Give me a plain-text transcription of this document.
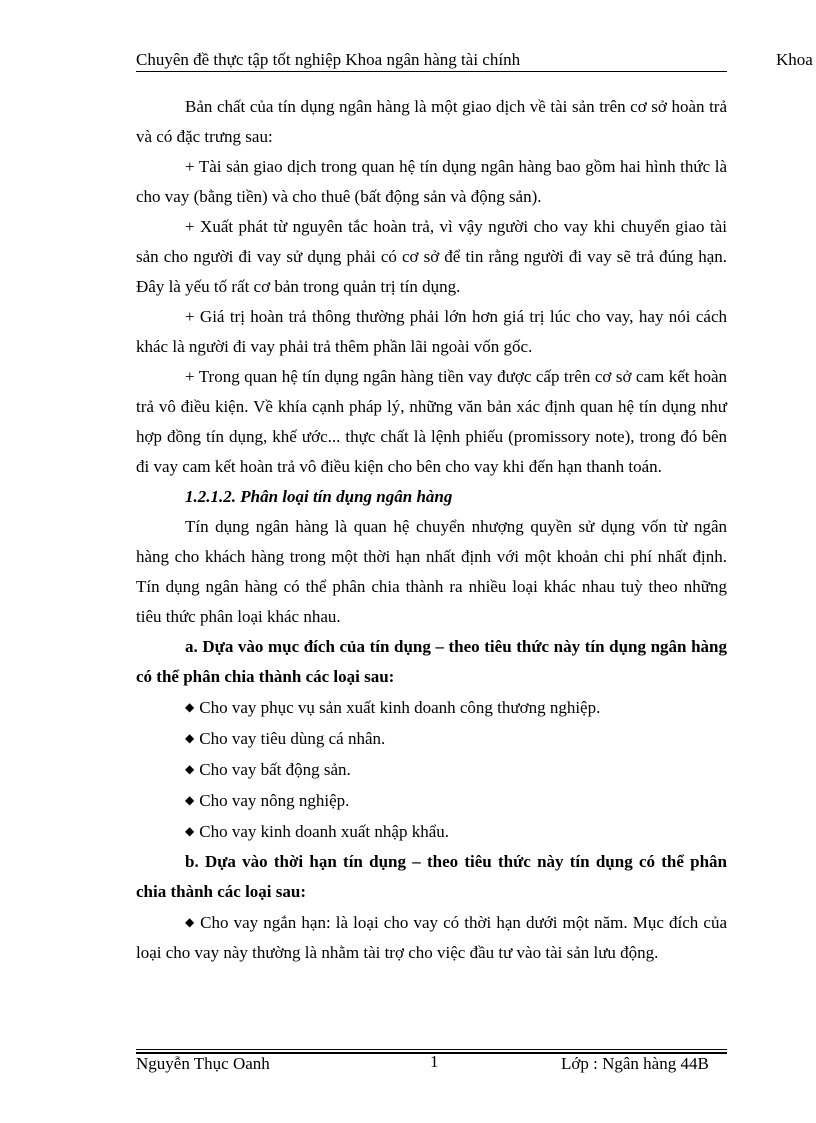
Chuyên đề thực tập tốt nghiệp Khoa ngân hàng tài chính	Khoa

Bản chất của tín dụng ngân hàng là một giao dịch về tài sản trên cơ sở hoàn trả và có đặc trưng sau:

+ Tài sản giao dịch trong quan hệ tín dụng ngân hàng bao gồm hai hình thức là cho vay (bằng tiền) và cho thuê (bất động sản và động sản).

+ Xuất phát từ nguyên tắc hoàn trả, vì vậy người cho vay khi chuyển giao tài sản cho người đi vay sử dụng phải có cơ sở để tin rằng người đi vay sẽ trả đúng hạn. Đây là yếu tố rất cơ bản trong quản trị tín dụng.

+ Giá trị hoàn trả thông thường phải lớn hơn giá trị lúc cho vay, hay nói cách khác là người đi vay phải trả thêm phần lãi ngoài vốn gốc.

+ Trong quan hệ tín dụng ngân hàng tiền vay được cấp trên cơ sở cam kết hoàn trả vô điều kiện. Về khía cạnh pháp lý, những văn bản xác định quan hệ tín dụng như hợp đồng tín dụng, khế ước... thực chất là lệnh phiếu (promissory note), trong đó bên đi vay cam kết hoàn trả vô điều kiện cho bên cho vay khi đến hạn thanh toán.

1.2.1.2. Phân loại tín dụng ngân hàng

Tín dụng ngân hàng là quan hệ chuyển nhượng quyền sử dụng vốn từ ngân hàng cho khách hàng trong một thời hạn nhất định với một khoản chi phí nhất định. Tín dụng ngân hàng có thể phân chia thành ra nhiều loại khác nhau tuỳ theo những tiêu thức phân loại khác nhau.

a. Dựa vào mục đích của tín dụng – theo tiêu thức này tín dụng ngân hàng có thể phân chia thành các loại sau:

◆ Cho vay phục vụ sản xuất kinh doanh công thương nghiệp.

◆ Cho vay tiêu dùng cá nhân.

◆ Cho vay bất động sản.

◆ Cho vay nông nghiệp.

◆ Cho vay kinh doanh xuất nhập khẩu.

b. Dựa vào thời hạn tín dụng – theo tiêu thức này tín dụng có thể phân chia thành các loại sau:

◆ Cho vay ngắn hạn: là loại cho vay có thời hạn dưới một năm. Mục đích của loại cho vay này thường là nhằm tài trợ cho việc đầu tư vào tài sản lưu động.

Nguyễn Thục Oanh	1	Lớp : Ngân hàng 44B
